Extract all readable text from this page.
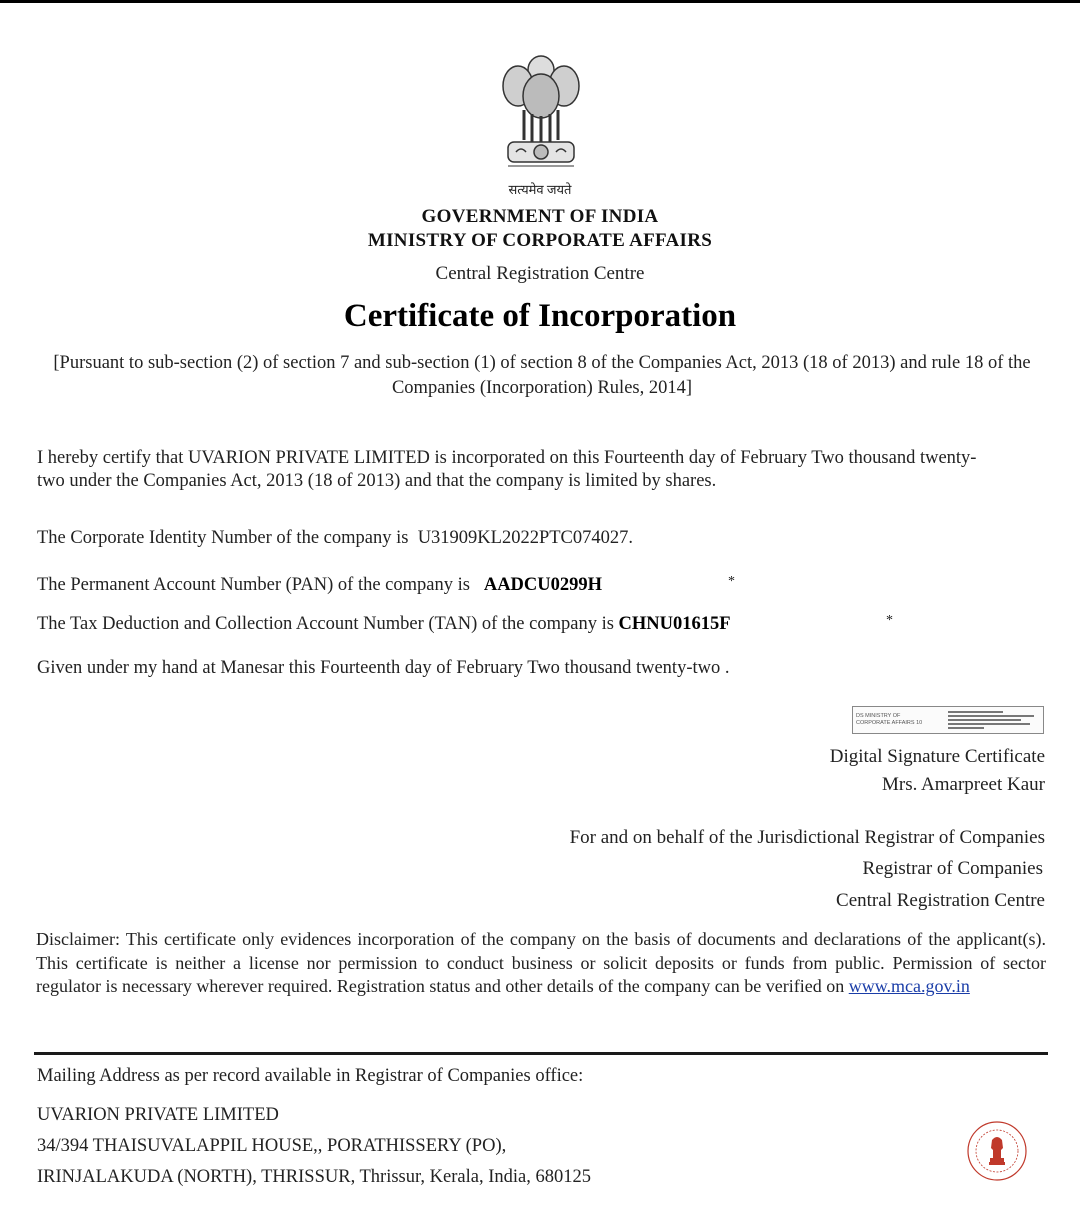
सत्यमेव जयते
GOVERNMENT OF INDIA
MINISTRY OF CORPORATE AFFAIRS
Central Registration Centre
Certificate of Incorporation
[Pursuant to sub-section (2) of section 7 and sub-section (1) of section 8 of the Companies Act, 2013 (18 of 2013) and rule 18 of the Companies (Incorporation) Rules, 2014]
I hereby certify that UVARION PRIVATE LIMITED is incorporated on this Fourteenth day of February Two thousand twenty-two under the Companies Act, 2013 (18 of 2013) and that the company is limited by shares.
The Corporate Identity Number of the company is U31909KL2022PTC074027.
The Permanent Account Number (PAN) of the company is AADCU0299H	*
The Tax Deduction and Collection Account Number (TAN) of the company is CHNU01615F	*
Given under my hand at Manesar this Fourteenth day of February Two thousand twenty-two .
DS MINISTRY OF
CORPORATE AFFAIRS 10
Digital Signature Certificate
Mrs. Amarpreet Kaur
For and on behalf of the Jurisdictional Registrar of Companies
Registrar of Companies
Central Registration Centre
Disclaimer: This certificate only evidences incorporation of the company on the basis of documents and declarations of the applicant(s). This certificate is neither a license nor permission to conduct business or solicit deposits or funds from public. Permission of sector regulator is necessary wherever required. Registration status and other details of the company can be verified on www.mca.gov.in
Mailing Address as per record available in Registrar of Companies office:
UVARION PRIVATE LIMITED
34/394 THAISUVALAPPIL HOUSE,, PORATHISSERY (PO),
IRINJALAKUDA (NORTH), THRISSUR, Thrissur, Kerala, India, 680125
